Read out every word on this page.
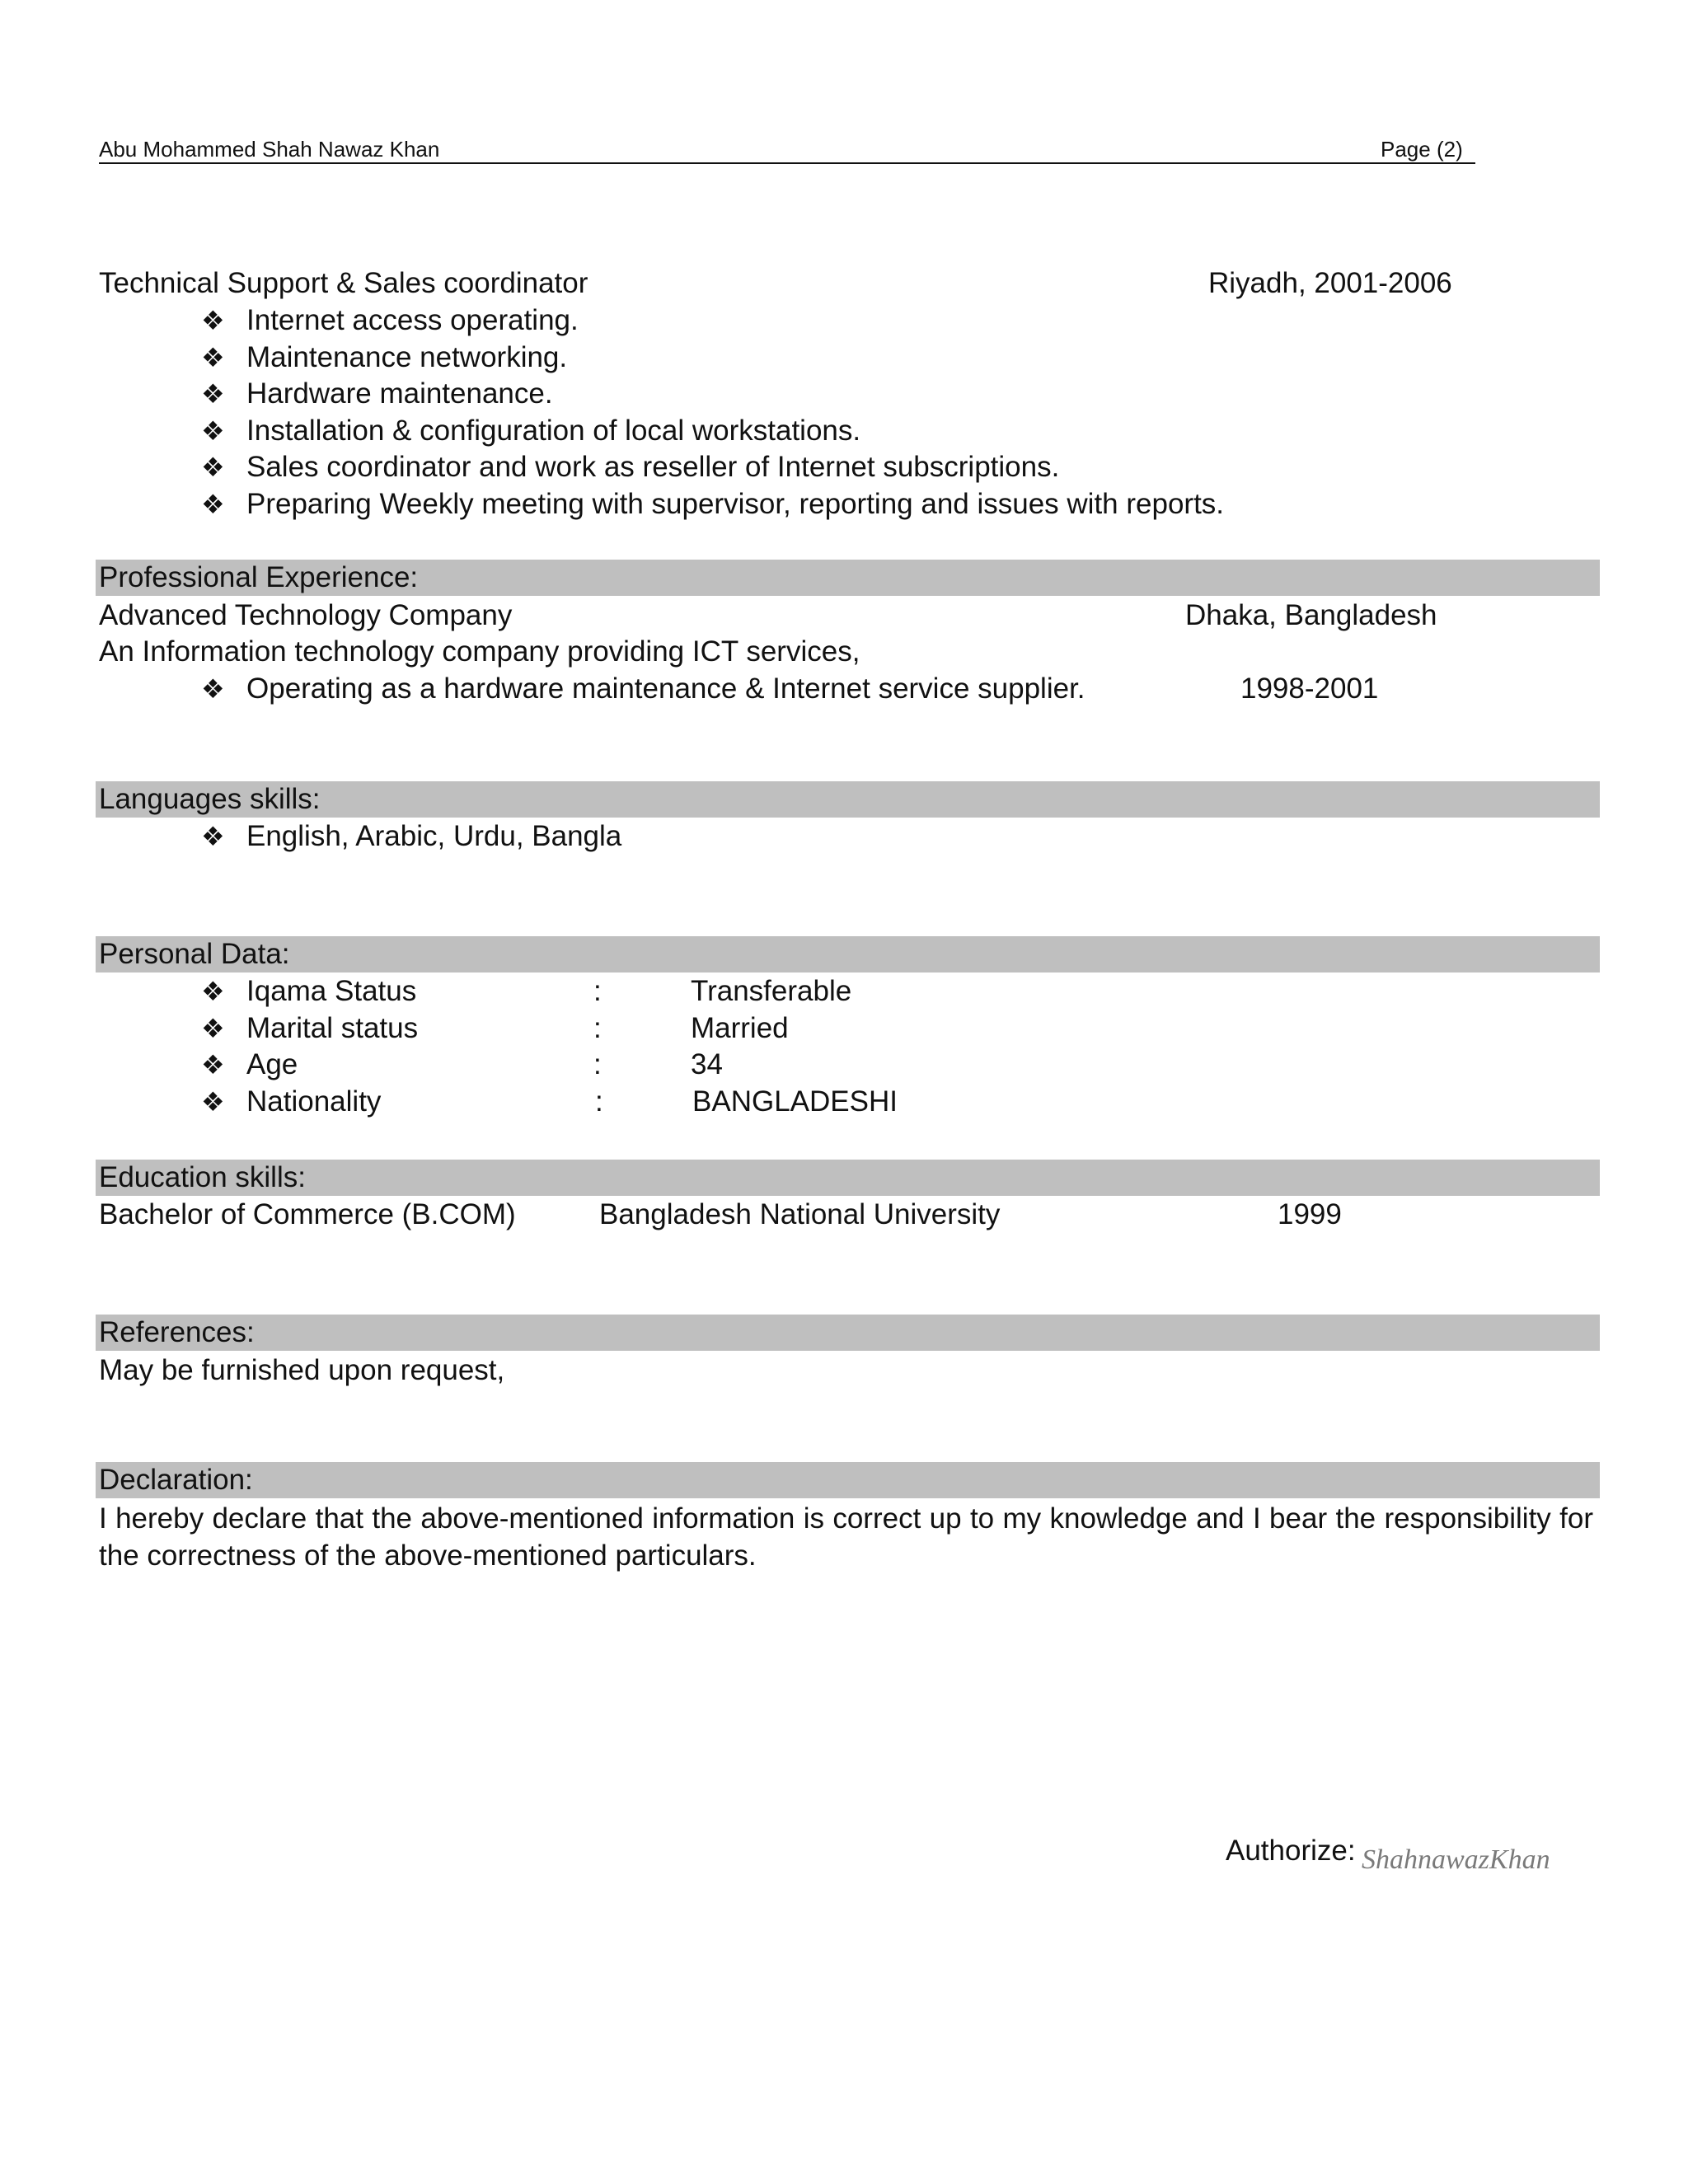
Abu Mohammed Shah Nawaz Khan	Page (2)
Technical Support & Sales coordinator	Riyadh, 2001-2006
❖ Internet access operating.
❖ Maintenance networking.
❖ Hardware maintenance.
❖ Installation & configuration of local workstations.
❖ Sales coordinator and work as reseller of Internet subscriptions.
❖ Preparing Weekly meeting with supervisor, reporting and issues with reports.
Professional Experience:
Advanced Technology Company	Dhaka, Bangladesh
An Information technology company providing ICT services,
❖ Operating as a hardware maintenance & Internet service supplier.	1998-2001
Languages skills:
❖ English, Arabic, Urdu, Bangla
Personal Data:
❖ Iqama Status	:	Transferable
❖ Marital status	:	Married
❖ Age	:	34
❖ Nationality	:	BANGLADESHI
Education skills:
Bachelor of Commerce (B.COM)	Bangladesh National University	1999
References:
May be furnished upon request,
Declaration:
I hereby declare that the above-mentioned information is correct up to my knowledge and I bear the responsibility for the correctness of the above-mentioned particulars.
Authorize: ShahnawazKhan
